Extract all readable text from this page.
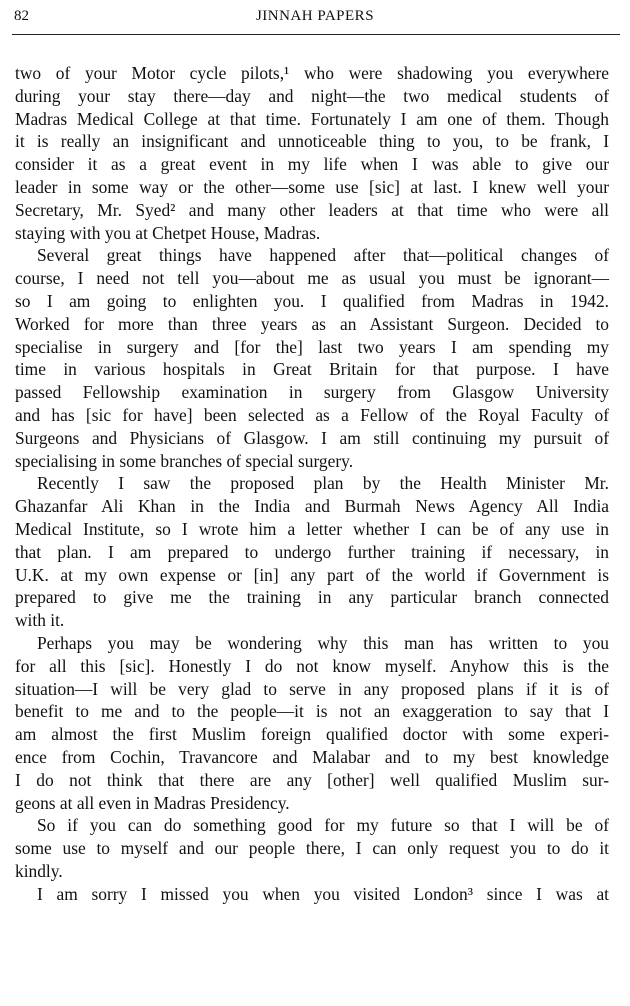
82	JINNAH PAPERS
two of your Motor cycle pilots,¹ who were shadowing you everywhere
during your stay there—day and night—the two medical students of
Madras Medical College at that time. Fortunately I am one of them. Though
it is really an insignificant and unnoticeable thing to you, to be frank, I
consider it as a great event in my life when I was able to give our
leader in some way or the other—some use [sic] at last. I knew well your
Secretary, Mr. Syed² and many other leaders at that time who were all
staying with you at Chetpet House, Madras.
Several great things have happened after that—political changes of
course, I need not tell you—about me as usual you must be ignorant—
so I am going to enlighten you. I qualified from Madras in 1942.
Worked for more than three years as an Assistant Surgeon. Decided to
specialise in surgery and [for the] last two years I am spending my
time in various hospitals in Great Britain for that purpose. I have
passed Fellowship examination in surgery from Glasgow University
and has [sic for have] been selected as a Fellow of the Royal Faculty of
Surgeons and Physicians of Glasgow. I am still continuing my pursuit of
specialising in some branches of special surgery.
Recently I saw the proposed plan by the Health Minister Mr.
Ghazanfar Ali Khan in the India and Burmah News Agency All India
Medical Institute, so I wrote him a letter whether I can be of any use in
that plan. I am prepared to undergo further training if necessary, in
U.K. at my own expense or [in] any part of the world if Government is
prepared to give me the training in any particular branch connected
with it.
Perhaps you may be wondering why this man has written to you
for all this [sic]. Honestly I do not know myself. Anyhow this is the
situation—I will be very glad to serve in any proposed plans if it is of
benefit to me and to the people—it is not an exaggeration to say that I
am almost the first Muslim foreign qualified doctor with some experi-
ence from Cochin, Travancore and Malabar and to my best knowledge
I do not think that there are any [other] well qualified Muslim sur-
geons at all even in Madras Presidency.
So if you can do something good for my future so that I will be of
some use to myself and our people there, I can only request you to do it
kindly.
I am sorry I missed you when you visited London³ since I was at
